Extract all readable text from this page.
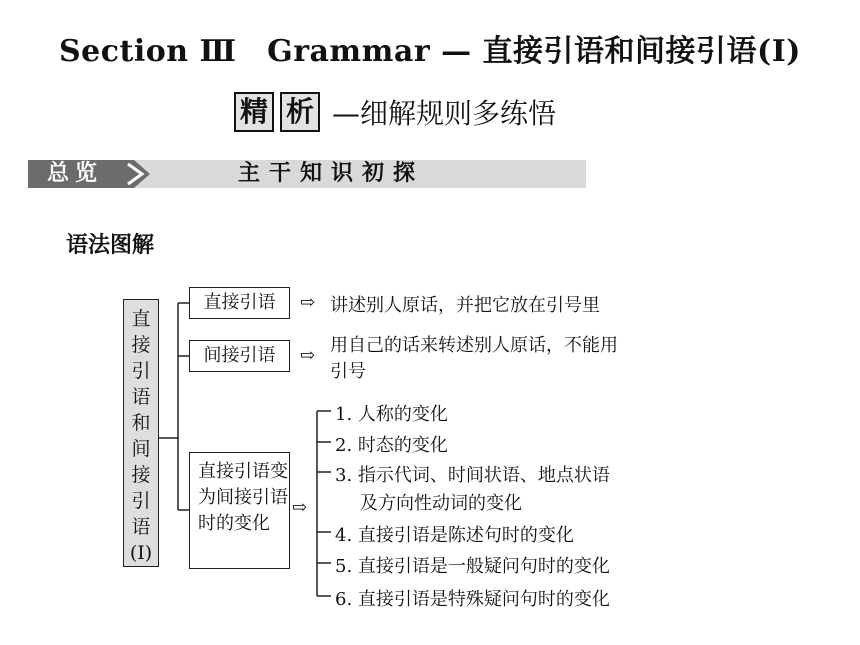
Section Ⅲ　Grammar — 直接引语和间接引语(Ⅰ)
精 析 —细解规则多练悟
总览	主干知识初探
语法图解
直接引语和间接引语(Ⅰ)
直接引语	⇨ 讲述别人原话，并把它放在引号里
间接引语	⇨ 用自己的话来转述别人原话，不能用
引号
直接引语变为间接引语时的变化
⇨
1. 人称的变化
2. 时态的变化
3. 指示代词、时间状语、地点状语
及方向性动词的变化
4. 直接引语是陈述句时的变化
5. 直接引语是一般疑问句时的变化
6. 直接引语是特殊疑问句时的变化
